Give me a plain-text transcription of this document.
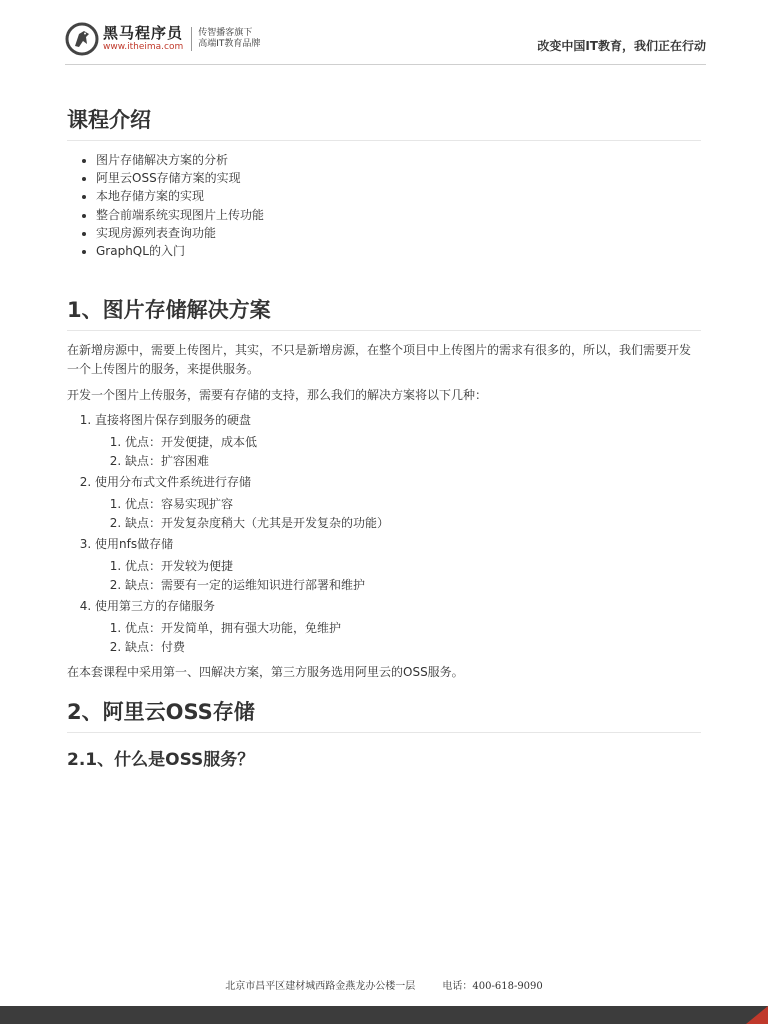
黑马程序员
www.itheima.com
传智播客旗下
高端IT教育品牌	改变中国IT教育，我们正在行动
课程介绍
• 图片存储解决方案的分析
• 阿里云OSS存储方案的实现
• 本地存储方案的实现
• 整合前端系统实现图片上传功能
• 实现房源列表查询功能
• GraphQL的入门
1、图片存储解决方案

在新增房源中，需要上传图片，其实，不只是新增房源，在整个项目中上传图片的需求有很多的，所以，我们需要开发一个上传图片的服务，来提供服务。

开发一个图片上传服务，需要有存储的支持，那么我们的解决方案将以下几种：

1. 直接将图片保存到服务的硬盘
1. 优点：开发便捷，成本低
2. 缺点：扩容困难
2. 使用分布式文件系统进行存储
1. 优点：容易实现扩容
2. 缺点：开发复杂度稍大（尤其是开发复杂的功能）
3. 使用nfs做存储
1. 优点：开发较为便捷
2. 缺点：需要有一定的运维知识进行部署和维护
4. 使用第三方的存储服务
1. 优点：开发简单，拥有强大功能，免维护
2. 缺点：付费

在本套课程中采用第一、四解决方案，第三方服务选用阿里云的OSS服务。

2、阿里云OSS存储
2.1、什么是OSS服务？
北京市昌平区建材城西路金燕龙办公楼一层	电话：400-618-9090
